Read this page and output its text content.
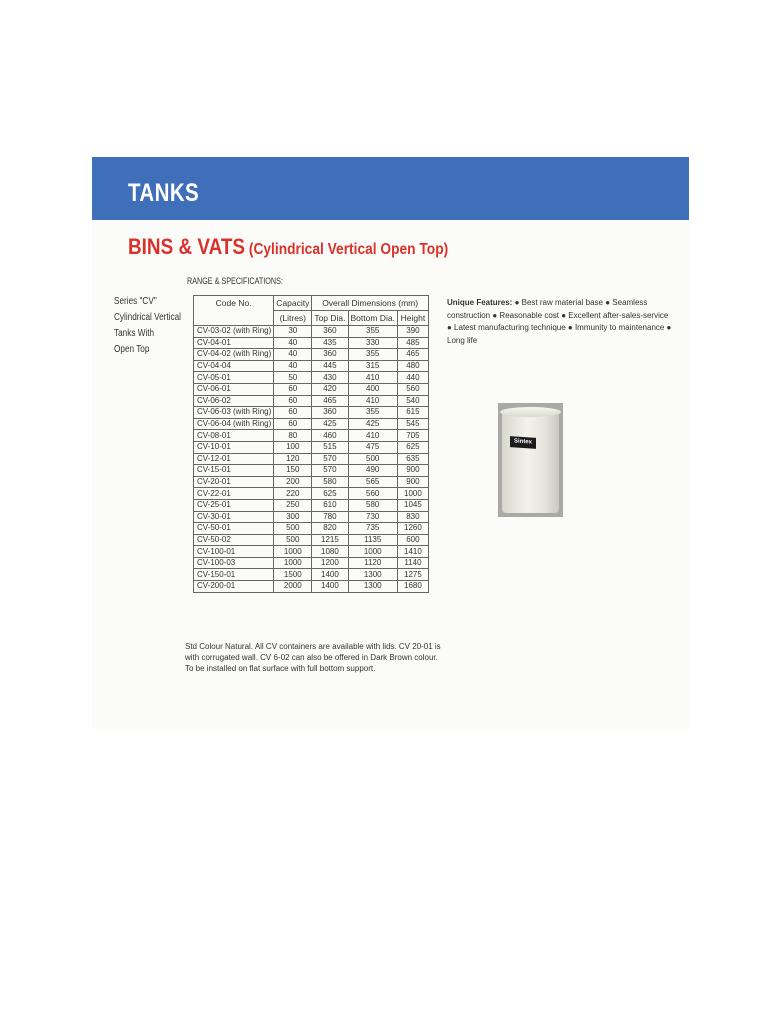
TANKS
BINS & VATS (Cylindrical Vertical Open Top)
RANGE & SPECIFICATIONS:
Series "CV"
Cylindrical Vertical
Tanks With
Open Top
Code No.	Capacity	Overall Dimensions (mm)		
	(Litres)	Top Dia.	Bottom Dia.	Height
CV-03-02 (with Ring)	30	360	355	390
CV-04-01	40	435	330	485
CV-04-02 (with Ring)	40	360	355	465
CV-04-04	40	445	315	480
CV-05-01	50	430	410	440
CV-06-01	60	420	400	560
CV-06-02	60	465	410	540
CV-06-03 (with Ring)	60	360	355	615
CV-06-04 (with Ring)	60	425	425	545
CV-08-01	80	460	410	705
CV-10-01	100	515	475	625
CV-12-01	120	570	500	635
CV-15-01	150	570	490	900
CV-20-01	200	580	565	900
CV-22-01	220	625	560	1000
CV-25-01	250	610	580	1045
CV-30-01	300	780	730	830
CV-50-01	500	820	735	1260
CV-50-02	500	1215	1135	600
CV-100-01	1000	1080	1000	1410
CV-100-03	1000	1200	1120	1140
CV-150-01	1500	1400	1300	1275
CV-200-01	2000	1400	1300	1680
Std Colour Natural. All CV containers are available with lids. CV 20-01 is with corrugated wall. CV 6-02 can also be offered in Dark Brown colour.
To be installed on flat surface with full bottom support.
Unique Features: ● Best raw material base ● Seamless construction ● Reasonable cost ● Excellent after-sales-service ● Latest manufacturing technique ● Immunity to maintenance ● Long life
Sintex
